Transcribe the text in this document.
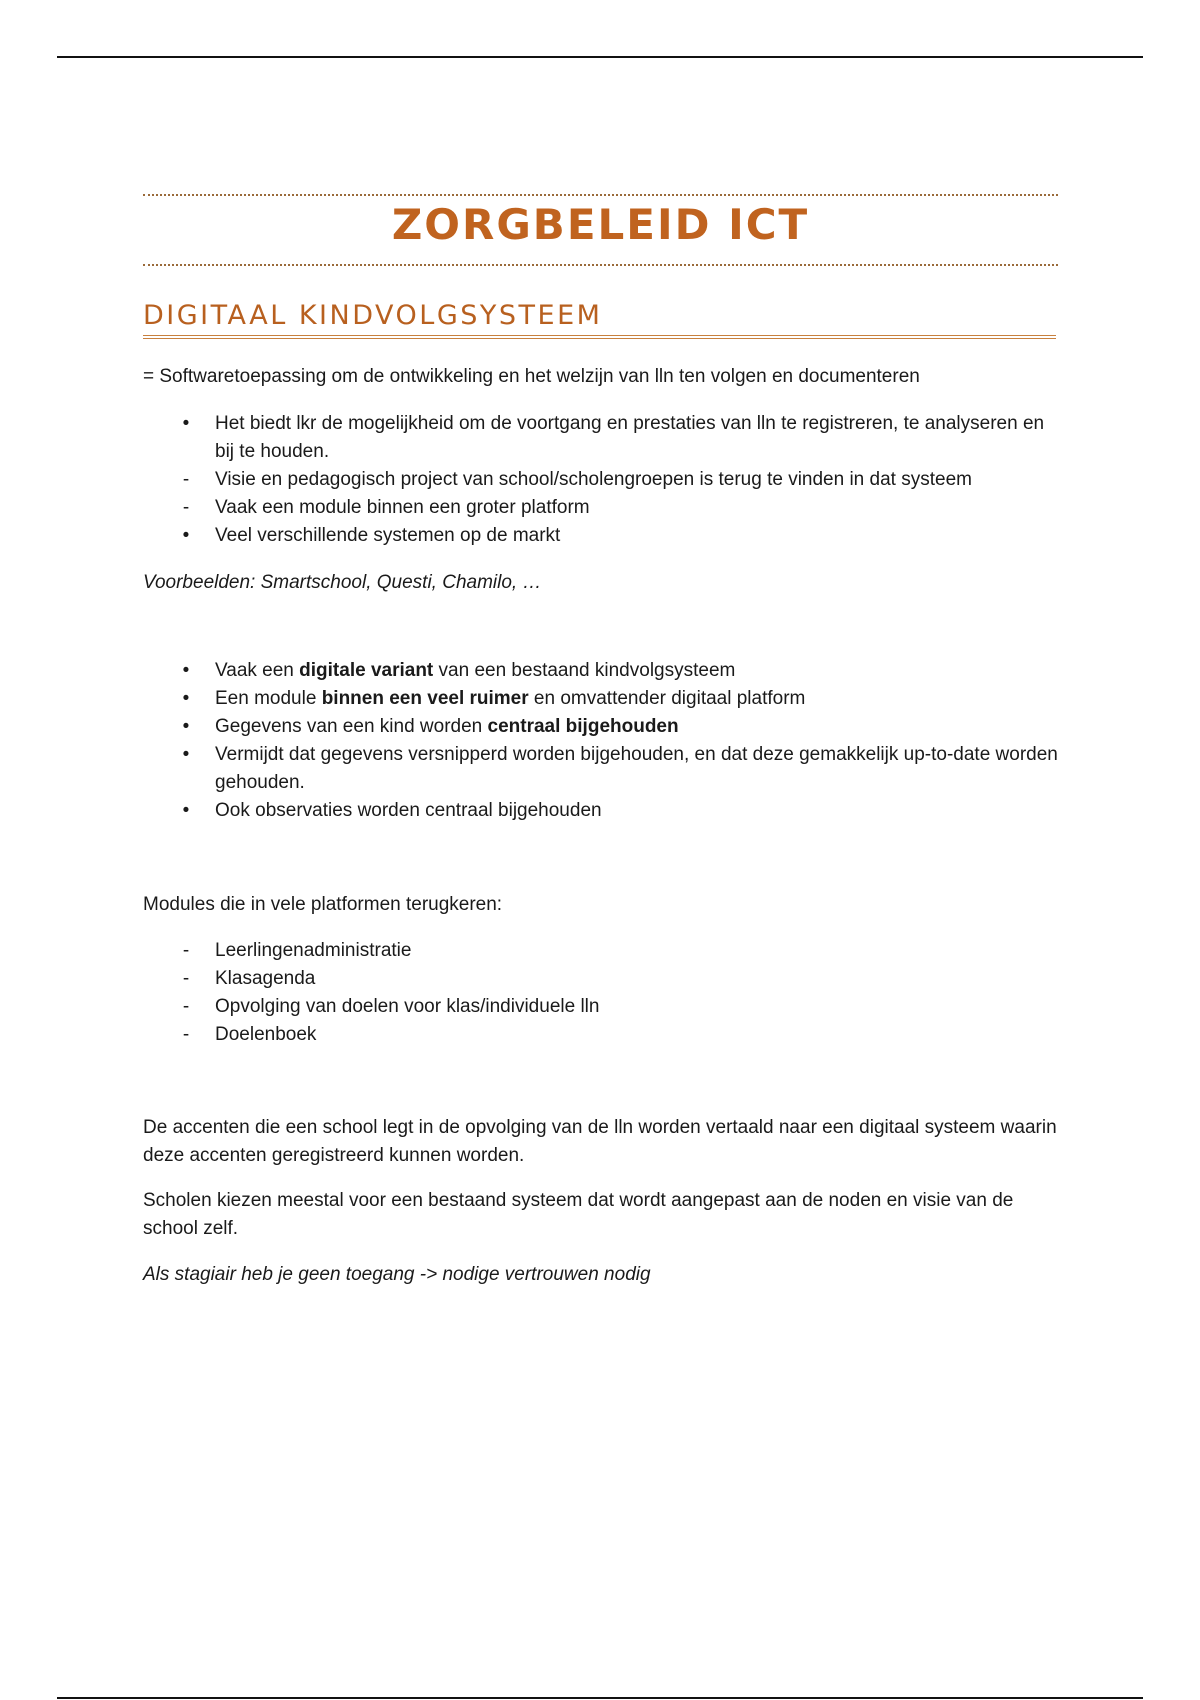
ZORGBELEID ICT
DIGITAAL KINDVOLGSYSTEEM
= Softwaretoepassing om de ontwikkeling en het welzijn van lln ten volgen en documenteren
•	Het biedt lkr de mogelijkheid om de voortgang en prestaties van lln te registreren, te analyseren en bij te houden.
-	Visie en pedagogisch project van school/scholengroepen is terug te vinden in dat systeem
-	Vaak een module binnen een groter platform
•	Veel verschillende systemen op de markt
Voorbeelden: Smartschool, Questi, Chamilo, …
•	Vaak een digitale variant van een bestaand kindvolgsysteem
•	Een module binnen een veel ruimer en omvattender digitaal platform
•	Gegevens van een kind worden centraal bijgehouden
•	Vermijdt dat gegevens versnipperd worden bijgehouden, en dat deze gemakkelijk up-to-date worden gehouden.
•	Ook observaties worden centraal bijgehouden
Modules die in vele platformen terugkeren:
-	Leerlingenadministratie
-	Klasagenda
-	Opvolging van doelen voor klas/individuele lln
-	Doelenboek
De accenten die een school legt in de opvolging van de lln worden vertaald naar een digitaal systeem waarin deze accenten geregistreerd kunnen worden.
Scholen kiezen meestal voor een bestaand systeem dat wordt aangepast aan de noden en visie van de school zelf.
Als stagiair heb je geen toegang -> nodige vertrouwen nodig
